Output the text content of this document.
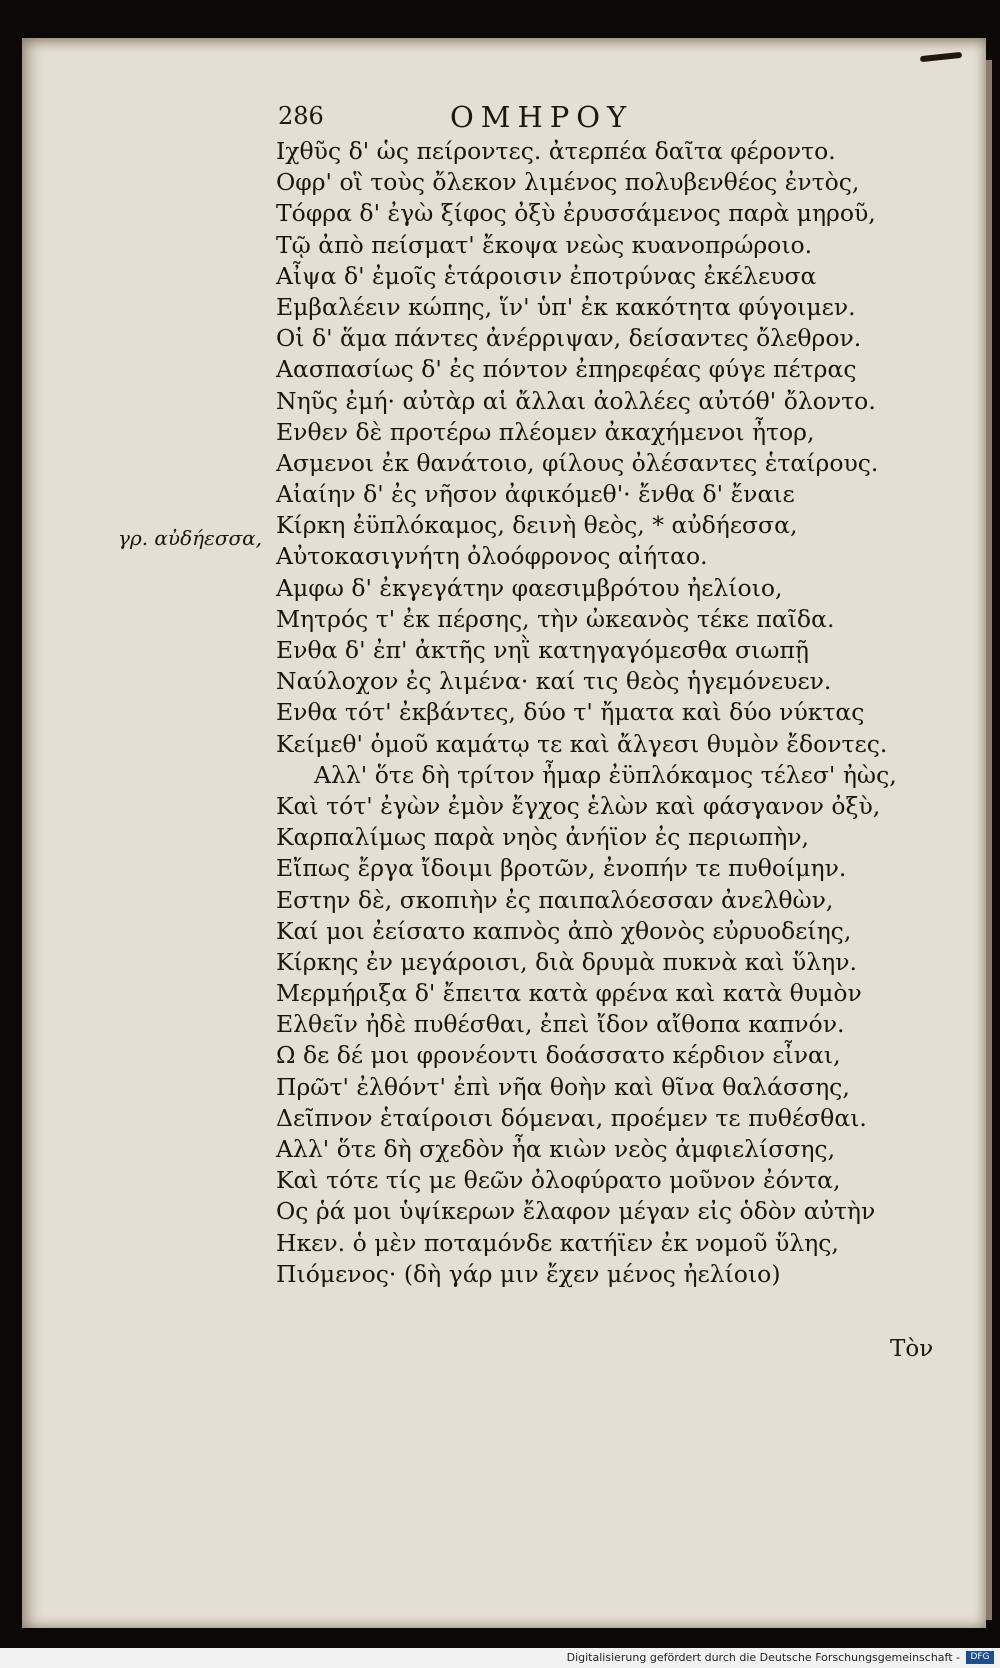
286	ΟΜΗΡΟΥ
γρ. αὐδήεσσα,
Ιχθῦς δ' ὡς πείροντες. ἀτερπέα δαῖτα φέροντο.
Οφρ' οἳ τοὺς ὄλεκον λιμένος πολυβενθέος ἐντὸς,
Τόφρα δ' ἐγὼ ξίφος ὀξὺ ἐρυσσάμενος παρὰ μηροῦ,
Τῷ ἀπὸ πείσματ' ἔκοψα νεὼς κυανοπρώροιο.
Αἶψα δ' ἐμοῖς ἑτάροισιν ἐποτρύνας ἐκέλευσα
Εμβαλέειν κώπης, ἵν' ὑπ' ἐκ κακότητα φύγοιμεν.
Οἱ δ' ἅμα πάντες ἀνέρριψαν, δείσαντες ὄλεθρον.
Αασπασίως δ' ἐς πόντον ἐπηρεφέας φύγε πέτρας
Νηῦς ἐμή· αὐτὰρ αἱ ἄλλαι ἀολλέες αὐτόθ' ὄλοντο.
Ενθεν δὲ προτέρω πλέομεν ἀκαχήμενοι ἦτορ,
Ασμενοι ἐκ θανάτοιο, φίλους ὀλέσαντες ἑταίρους.
Αἰαίην δ' ἐς νῆσον ἀφικόμεθ'· ἔνθα δ' ἔναιε
Κίρκη ἐϋπλόκαμος, δεινὴ θεὸς, * αὐδήεσσα,
Αὐτοκασιγνήτη ὀλοόφρονος αἰήταο.
Αμφω δ' ἐκγεγάτην φαεσιμβρότου ἠελίοιο,
Μητρός τ' ἐκ πέρσης, τὴν ὠκεανὸς τέκε παῖδα.
Ενθα δ' ἐπ' ἀκτῆς νηῒ κατηγαγόμεσθα σιωπῇ
Ναύλοχον ἐς λιμένα· καί τις θεὸς ἡγεμόνευεν.
Ενθα τότ' ἐκβάντες, δύο τ' ἤματα καὶ δύο νύκτας
Κείμεθ' ὁμοῦ καμάτῳ τε καὶ ἄλγεσι θυμὸν ἔδοντες.
Αλλ' ὅτε δὴ τρίτον ἦμαρ ἐϋπλόκαμος τέλεσ' ἠὼς,
Καὶ τότ' ἐγὼν ἐμὸν ἔγχος ἑλὼν καὶ φάσγανον ὀξὺ,
Καρπαλίμως παρὰ νηὸς ἀνήϊον ἐς περιωπὴν,
Εἴπως ἔργα ἴδοιμι βροτῶν, ἐνοπήν τε πυθοίμην.
Εστην δὲ, σκοπιὴν ἐς παιπαλόεσσαν ἀνελθὼν,
Καί μοι ἐείσατο καπνὸς ἀπὸ χθονὸς εὐρυοδείης,
Κίρκης ἐν μεγάροισι, διὰ δρυμὰ πυκνὰ καὶ ὕλην.
Μερμήριξα δ' ἔπειτα κατὰ φρένα καὶ κατὰ θυμὸν
Ελθεῖν ἠδὲ πυθέσθαι, ἐπεὶ ἴδον αἴθοπα καπνόν.
Ω δε δέ μοι φρονέοντι δοάσσατο κέρδιον εἶναι,
Πρῶτ' ἐλθόντ' ἐπὶ νῆα θοὴν καὶ θῖνα θαλάσσης,
Δεῖπνον ἑταίροισι δόμεναι, προέμεν τε πυθέσθαι.
Αλλ' ὅτε δὴ σχεδὸν ἦα κιὼν νεὸς ἀμφιελίσσης,
Καὶ τότε τίς με θεῶν ὀλοφύρατο μοῦνον ἐόντα,
Ος ῥά μοι ὑψίκερων ἔλαφον μέγαν εἰς ὁδὸν αὐτὴν
Ηκεν. ὁ μὲν ποταμόνδε κατήϊεν ἐκ νομοῦ ὕλης,
Πιόμενος· (δὴ γάρ μιν ἔχεν μένος ἠελίοιο)
Τὸν
Digitalisierung gefördert durch die Deutsche Forschungsgemeinschaft -	DFG
